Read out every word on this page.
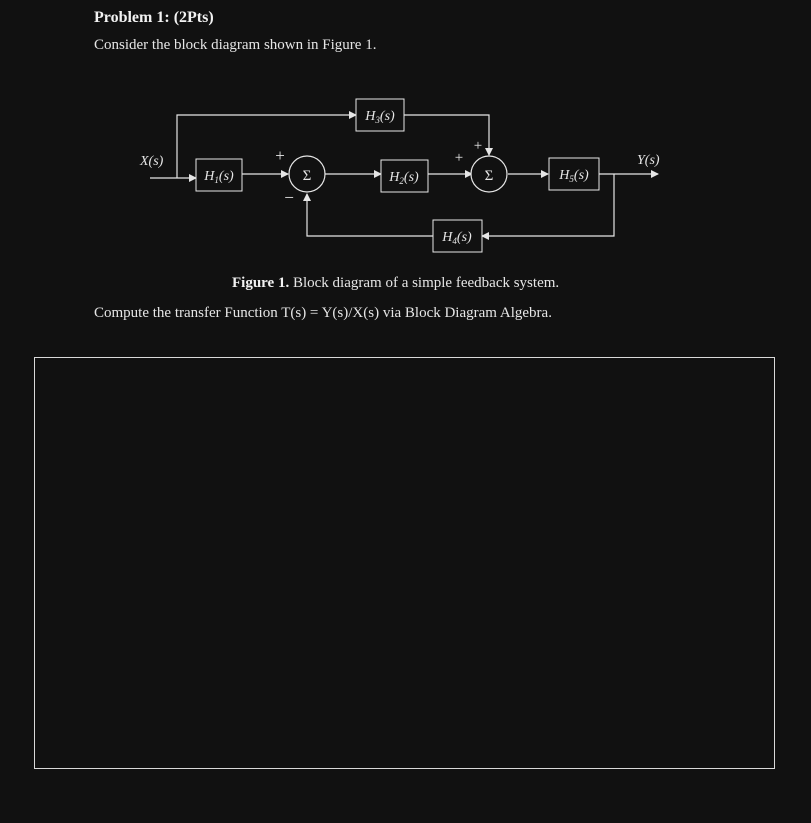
Problem 1: (2Pts)
Consider the block diagram shown in Figure 1.
$H_1(s)$	$H_2(s)$
$H_3(s)$
$H_4(s)$
$H_5(s)$
Σ	Σ
+
−
+
+
X(s)	Y(s)
Figure 1. Block diagram of a simple feedback system.
Compute the transfer Function T(s) = Y(s)/X(s) via Block Diagram Algebra.
